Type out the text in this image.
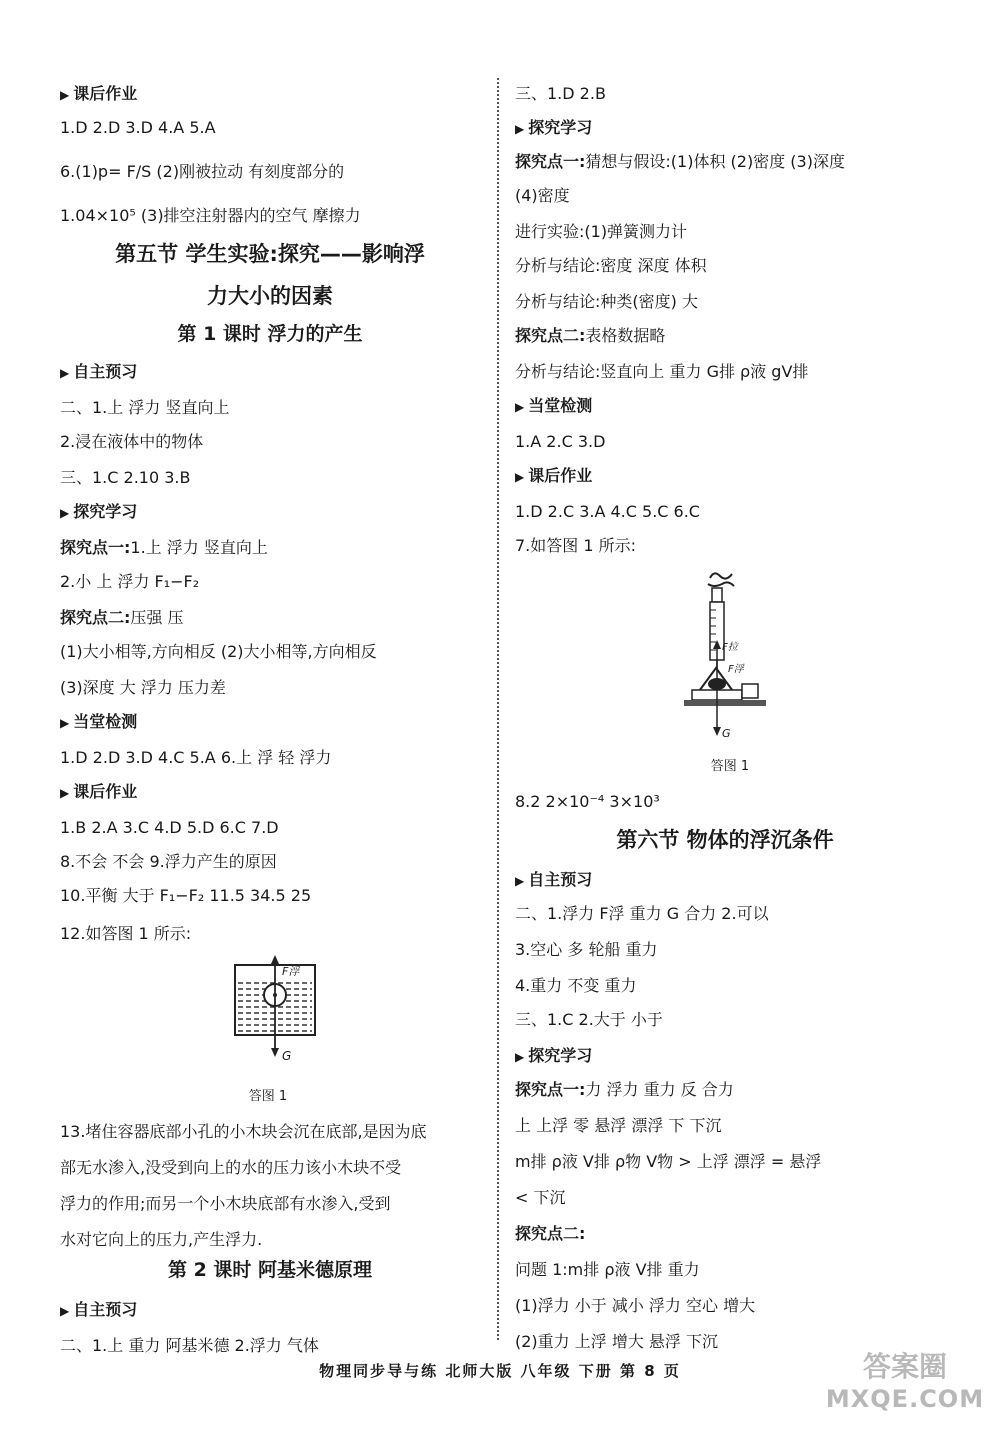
▶ 课后作业
1.D 2.D 3.D 4.A 5.A
6.(1)p= F/S (2)刚被拉动 有刻度部分的
1.04×10⁵ (3)排空注射器内的空气 摩擦力
第五节 学生实验:探究——影响浮
力大小的因素
第 1 课时 浮力的产生
▶ 自主预习
二、1.上 浮力 竖直向上
2.浸在液体中的物体
三、1.C 2.10 3.B
▶ 探究学习
探究点一:1.上 浮力 竖直向上
2.小 上 浮力 F₁−F₂
探究点二:压强 压
(1)大小相等,方向相反 (2)大小相等,方向相反
(3)深度 大 浮力 压力差
▶ 当堂检测
1.D 2.D 3.D 4.C 5.A 6.上 浮 轻 浮力
▶ 课后作业
1.B 2.A 3.C 4.D 5.D 6.C 7.D
8.不会 不会 9.浮力产生的原因
10.平衡 大于 F₁−F₂ 11.5 34.5 25
12.如答图 1 所示:
13.堵住容器底部小孔的小木块会沉在底部,是因为底
部无水渗入,没受到向上的水的压力该小木块不受
浮力的作用;而另一个小木块底部有水渗入,受到
水对它向上的压力,产生浮力.
第 2 课时 阿基米德原理
▶ 自主预习
二、1.上 重力 阿基米德 2.浮力 气体
三、1.D 2.B
▶ 探究学习
探究点一:猜想与假设:(1)体积 (2)密度 (3)深度
(4)密度
进行实验:(1)弹簧测力计
分析与结论:密度 深度 体积
分析与结论:种类(密度) 大
探究点二:表格数据略
分析与结论:竖直向上 重力 G排 ρ液 gV排
▶ 当堂检测
1.A 2.C 3.D
▶ 课后作业
1.D 2.C 3.A 4.C 5.C 6.C
7.如答图 1 所示:
8.2 2×10⁻⁴ 3×10³
第六节 物体的浮沉条件
▶ 自主预习
二、1.浮力 F浮 重力 G 合力 2.可以
3.空心 多 轮船 重力
4.重力 不变 重力
三、1.C 2.大于 小于
▶ 探究学习
探究点一:力 浮力 重力 反 合力
上 上浮 零 悬浮 漂浮 下 下沉
m排 ρ液 V排 ρ物 V物 > 上浮 漂浮 = 悬浮
< 下沉
探究点二:
问题 1:m排 ρ液 V排 重力
(1)浮力 小于 减小 浮力 空心 增大
(2)重力 上浮 增大 悬浮 下沉
F浮
G
答图 1
F拉
F浮
G
答图 1
物理同步导与练 北师大版 八年级 下册 第 8 页	答案圈
MXQE.COM
